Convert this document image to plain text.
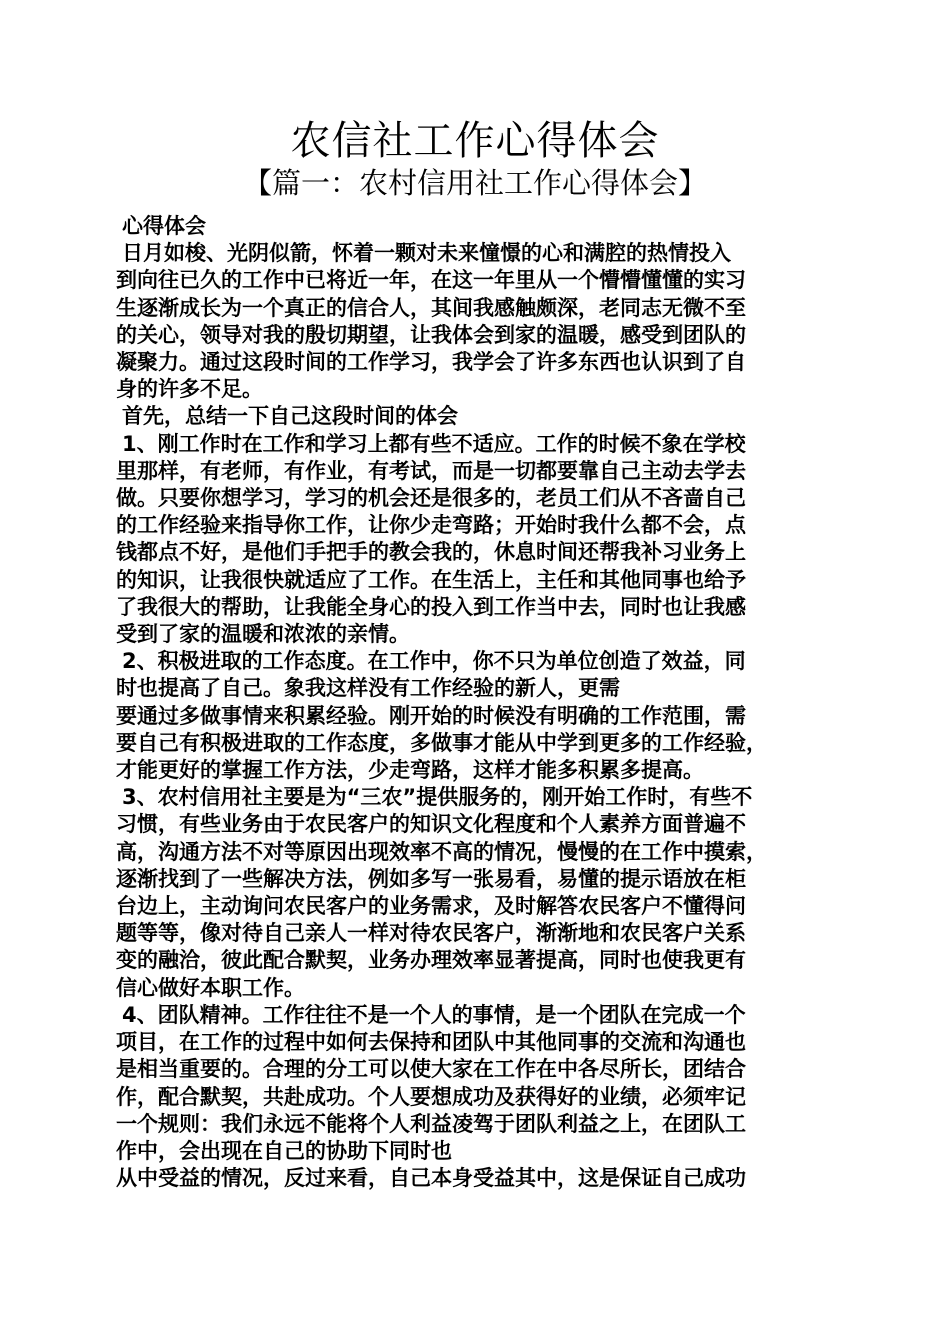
农信社工作心得体会
【篇一：农村信用社工作心得体会】

心得体会

日月如梭、光阴似箭，怀着一颗对未来憧憬的心和满腔的热情投入

到向往已久的工作中已将近一年，在这一年里从一个懵懵懂懂的实习

生逐渐成长为一个真正的信合人，其间我感触颇深，老同志无微不至

的关心，领导对我的殷切期望，让我体会到家的温暖，感受到团队的

凝聚力。通过这段时间的工作学习，我学会了许多东西也认识到了自

身的许多不足。

首先，总结一下自己这段时间的体会

1、刚工作时在工作和学习上都有些不适应。工作的时候不象在学校

里那样，有老师，有作业，有考试，而是一切都要靠自己主动去学去

做。只要你想学习，学习的机会还是很多的，老员工们从不吝啬自己

的工作经验来指导你工作，让你少走弯路；开始时我什么都不会，点

钱都点不好，是他们手把手的教会我的，休息时间还帮我补习业务上

的知识，让我很快就适应了工作。在生活上，主任和其他同事也给予

了我很大的帮助，让我能全身心的投入到工作当中去，同时也让我感

受到了家的温暖和浓浓的亲情。

2、积极进取的工作态度。在工作中，你不只为单位创造了效益，同

时也提高了自己。象我这样没有工作经验的新人，更需

要通过多做事情来积累经验。刚开始的时候没有明确的工作范围，需

要自己有积极进取的工作态度，多做事才能从中学到更多的工作经验，

才能更好的掌握工作方法，少走弯路，这样才能多积累多提高。

3、农村信用社主要是为“三农”提供服务的，刚开始工作时，有些不

习惯，有些业务由于农民客户的知识文化程度和个人素养方面普遍不

高，沟通方法不对等原因出现效率不高的情况，慢慢的在工作中摸索，

逐渐找到了一些解决方法，例如多写一张易看，易懂的提示语放在柜

台边上，主动询问农民客户的业务需求，及时解答农民客户不懂得问

题等等，像对待自己亲人一样对待农民客户，渐渐地和农民客户关系

变的融洽，彼此配合默契，业务办理效率显著提高，同时也使我更有

信心做好本职工作。

4、团队精神。工作往往不是一个人的事情，是一个团队在完成一个

项目，在工作的过程中如何去保持和团队中其他同事的交流和沟通也

是相当重要的。合理的分工可以使大家在工作在中各尽所长，团结合

作，配合默契，共赴成功。个人要想成功及获得好的业绩，必须牢记

一个规则：我们永远不能将个人利益凌驾于团队利益之上，在团队工

作中，会出现在自己的协助下同时也

从中受益的情况，反过来看，自己本身受益其中，这是保证自己成功
